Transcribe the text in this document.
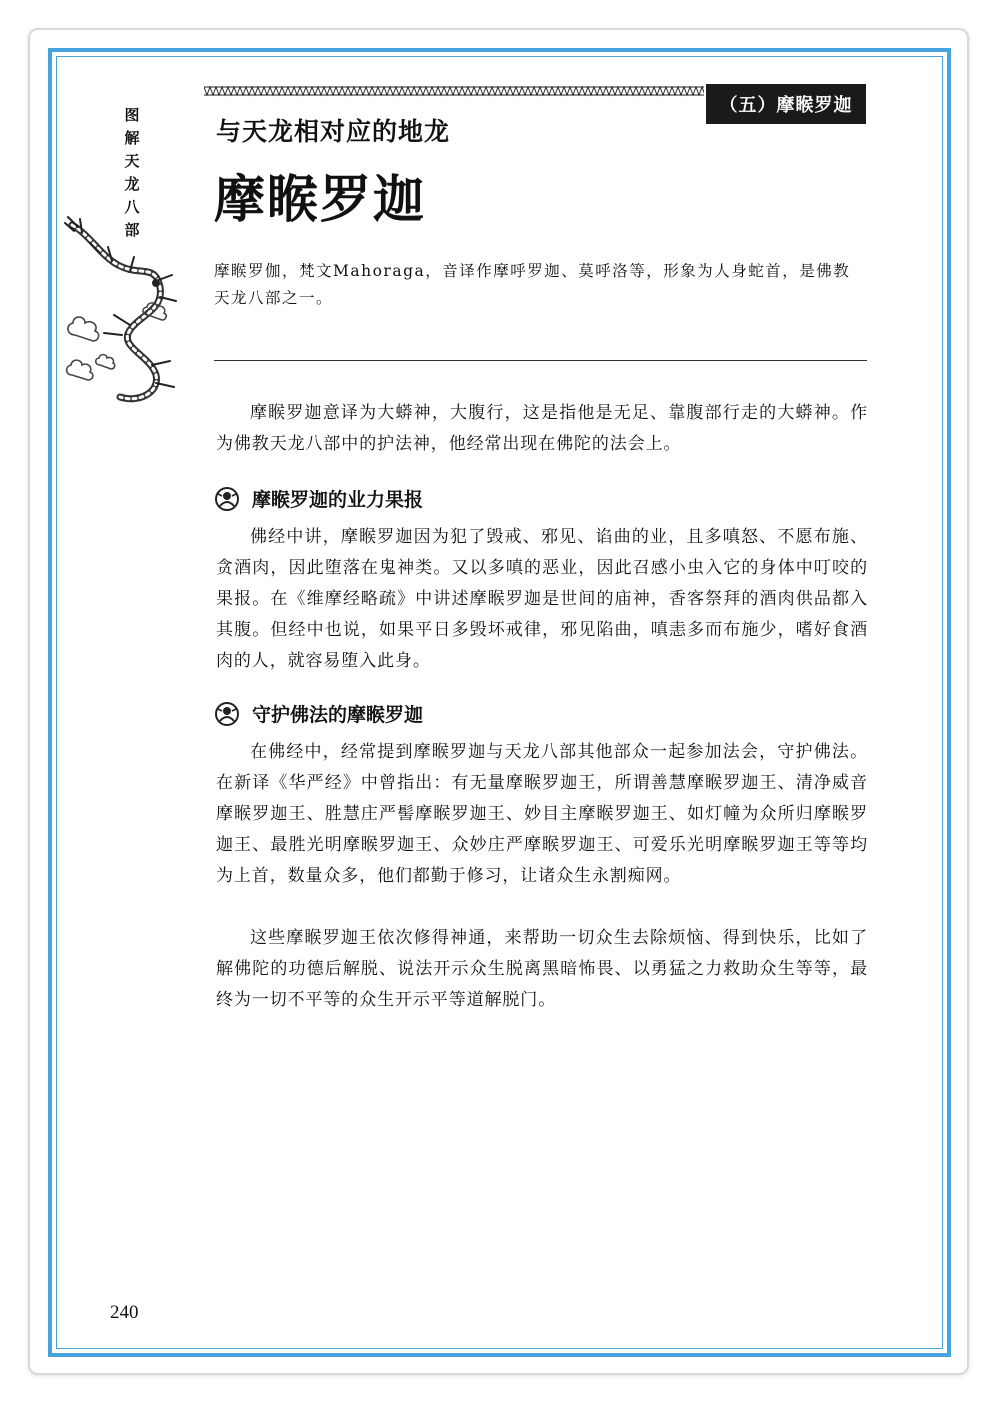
图
解
天
龙
八
部
（五）摩睺罗迦
与天龙相对应的地龙
摩睺罗迦

摩睺罗伽，梵文Mahoraga，音译作摩呼罗迦、莫呼洛等，形象为人身蛇首，是佛教天龙八部之一。

摩睺罗迦意译为大蟒神，大腹行，这是指他是无足、靠腹部行走的大蟒神。作为佛教天龙八部中的护法神，他经常出现在佛陀的法会上。

摩睺罗迦的业力果报

佛经中讲，摩睺罗迦因为犯了毁戒、邪见、谄曲的业，且多嗔怒、不愿布施、贪酒肉，因此堕落在鬼神类。又以多嗔的恶业，因此召感小虫入它的身体中叮咬的果报。在《维摩经略疏》中讲述摩睺罗迦是世间的庙神，香客祭拜的酒肉供品都入其腹。但经中也说，如果平日多毁坏戒律，邪见陷曲，嗔恚多而布施少，嗜好食酒肉的人，就容易堕入此身。

守护佛法的摩睺罗迦

在佛经中，经常提到摩睺罗迦与天龙八部其他部众一起参加法会，守护佛法。在新译《华严经》中曾指出：有无量摩睺罗迦王，所谓善慧摩睺罗迦王、清净威音摩睺罗迦王、胜慧庄严髻摩睺罗迦王、妙目主摩睺罗迦王、如灯幢为众所归摩睺罗迦王、最胜光明摩睺罗迦王、众妙庄严摩睺罗迦王、可爱乐光明摩睺罗迦王等等均为上首，数量众多，他们都勤于修习，让诸众生永割痴网。

这些摩睺罗迦王依次修得神通，来帮助一切众生去除烦恼、得到快乐，比如了解佛陀的功德后解脱、说法开示众生脱离黑暗怖畏、以勇猛之力救助众生等等，最终为一切不平等的众生开示平等道解脱门。

240
